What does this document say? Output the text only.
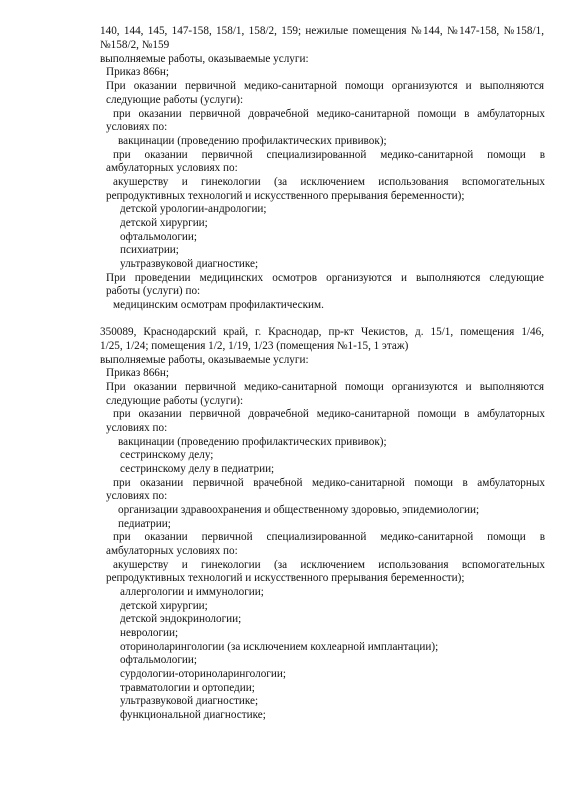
140, 144, 145, 147-158, 158/1, 158/2, 159; нежилые помещения №144, №147-158, №158/1,
№158/2, №159
выполняемые работы, оказываемые услуги:
Приказ 866н;
При оказании первичной медико-санитарной помощи организуются и выполняются
следующие работы (услуги):
при оказании первичной доврачебной медико-санитарной помощи в амбулаторных
условиях по:
вакцинации (проведению профилактических прививок);
при оказании первичной специализированной медико-санитарной помощи в
амбулаторных условиях по:
акушерству и гинекологии (за исключением использования вспомогательных
репродуктивных технологий и искусственного прерывания беременности);
детской урологии-андрологии;
детской хирургии;
офтальмологии;
психиатрии;
ультразвуковой диагностике;
При проведении медицинских осмотров организуются и выполняются следующие
работы (услуги) по:
медицинским осмотрам профилактическим.
350089, Краснодарский край, г. Краснодар, пр-кт Чекистов, д. 15/1, помещения 1/46,
1/25, 1/24; помещения 1/2, 1/19, 1/23 (помещения №1-15, 1 этаж)
выполняемые работы, оказываемые услуги:
Приказ 866н;
При оказании первичной медико-санитарной помощи организуются и выполняются
следующие работы (услуги):
при оказании первичной доврачебной медико-санитарной помощи в амбулаторных
условиях по:
вакцинации (проведению профилактических прививок);
сестринскому делу;
сестринскому делу в педиатрии;
при оказании первичной врачебной медико-санитарной помощи в амбулаторных
условиях по:
организации здравоохранения и общественному здоровью, эпидемиологии;
педиатрии;
при оказании первичной специализированной медико-санитарной помощи в
амбулаторных условиях по:
акушерству и гинекологии (за исключением использования вспомогательных
репродуктивных технологий и искусственного прерывания беременности);
аллергологии и иммунологии;
детской хирургии;
детской эндокринологии;
неврологии;
оториноларингологии (за исключением кохлеарной имплантации);
офтальмологии;
сурдологии-оториноларингологии;
травматологии и ортопедии;
ультразвуковой диагностике;
функциональной диагностике;
